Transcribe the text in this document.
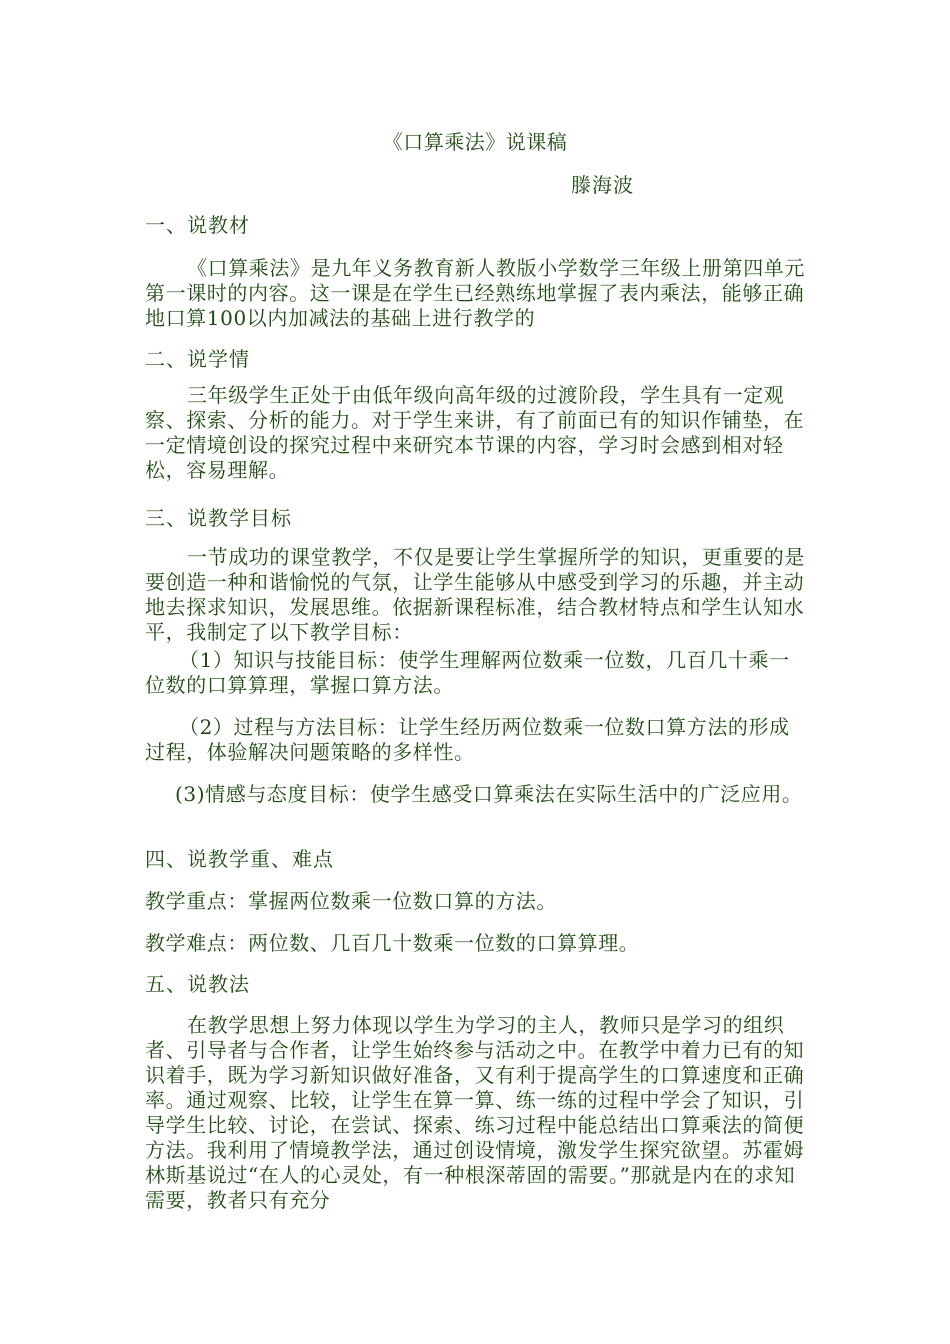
《口算乘法》说课稿
滕海波
一、说教材

《口算乘法》是九年义务教育新人教版小学数学三年级上册第四单元第一课时的内容。这一课是在学生已经熟练地掌握了表内乘法，能够正确地口算100以内加减法的基础上进行教学的

二、说学情

三年级学生正处于由低年级向高年级的过渡阶段，学生具有一定观察、探索、分析的能力。对于学生来讲，有了前面已有的知识作铺垫，在一定情境创设的探究过程中来研究本节课的内容，学习时会感到相对轻松，容易理解。

三、说教学目标

一节成功的课堂教学，不仅是要让学生掌握所学的知识，更重要的是要创造一种和谐愉悦的气氛，让学生能够从中感受到学习的乐趣，并主动地去探求知识，发展思维。依据新课程标准，结合教材特点和学生认知水平，我制定了以下教学目标：

（1）知识与技能目标：使学生理解两位数乘一位数，几百几十乘一位数的口算算理，掌握口算方法。

（2）过程与方法目标：让学生经历两位数乘一位数口算方法的形成过程，体验解决问题策略的多样性。

(3)情感与态度目标：使学生感受口算乘法在实际生活中的广泛应用。

四、说教学重、难点

教学重点：掌握两位数乘一位数口算的方法。

教学难点：两位数、几百几十数乘一位数的口算算理。

五、说教法

在教学思想上努力体现以学生为学习的主人，教师只是学习的组织者、引导者与合作者，让学生始终参与活动之中。在教学中着力已有的知识着手，既为学习新知识做好准备，又有利于提高学生的口算速度和正确率。通过观察、比较，让学生在算一算、练一练的过程中学会了知识，引导学生比较、讨论，在尝试、探索、练习过程中能总结出口算乘法的简便方法。我利用了情境教学法，通过创设情境，激发学生探究欲望。苏霍姆林斯基说过“在人的心灵处，有一种根深蒂固的需要。”那就是内在的求知需要，教者只有充分
